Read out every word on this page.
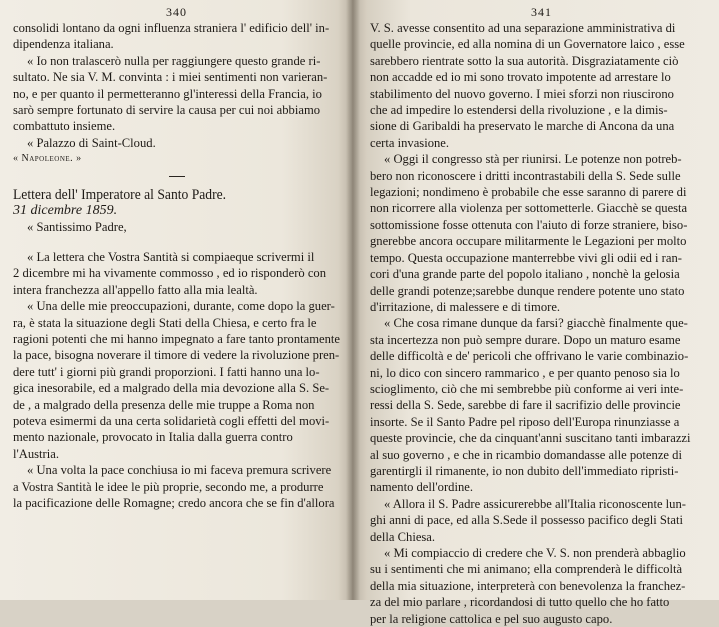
340

consolidi lontano da ogni influenza straniera l' edificio dell' in-

dipendenza italiana.

« Io non tralascerò nulla per raggiungere questo grande ri-

sultato. Ne sia V. M. convinta : i miei sentimenti non varieran-

no, e per quanto il permetteranno gl'interessi della Francia, io

sarò sempre fortunato di servire la causa per cui noi abbiamo

combattuto insieme.

« Palazzo di Saint-Cloud.

« Napoleone. »

Lettera dell' Imperatore al Santo Padre.

31 dicembre 1859.

« Santissimo Padre,

« La lettera che Vostra Santità si compiaeque scrivermi il

2 dicembre mi ha vivamente commosso , ed io risponderò con

intera franchezza all'appello fatto alla mia lealtà.

« Una delle mie preoccupazioni, durante, come dopo la guer-

ra, è stata la situazione degli Stati della Chiesa, e certo fra le

ragioni potenti che mi hanno impegnato a fare tanto prontamente

la pace, bisogna noverare il timore di vedere la rivoluzione pren-

dere tutt' i giorni più grandi proporzioni. I fatti hanno una lo-

gica inesorabile, ed a malgrado della mia devozione alla S. Se-

de , a malgrado della presenza delle mie truppe a Roma non

poteva esimermi da una certa solidarietà cogli effetti del movi-

mento nazionale, provocato in Italia dalla guerra contro

l'Austria.

« Una volta la pace conchiusa io mi faceva premura scrivere

a Vostra Santità le idee le più proprie, secondo me, a produrre

la pacificazione delle Romagne; credo ancora che se fin d'allora

341

V. S. avesse consentito ad una separazione amministrativa di

quelle provincie, ed alla nomina di un Governatore laico , esse

sarebbero rientrate sotto la sua autorità. Disgraziatamente ciò

non accadde ed io mi sono trovato impotente ad arrestare lo

stabilimento del nuovo governo. I miei sforzi non riuscirono

che ad impedire lo estendersi della rivoluzione , e la dimis-

sione di Garibaldi ha preservato le marche di Ancona da una

certa invasione.

« Oggi il congresso stà per riunirsi. Le potenze non potreb-

bero non riconoscere i dritti incontrastabili della S. Sede sulle

legazioni; nondimeno è probabile che esse saranno di parere di

non ricorrere alla violenza per sottometterle. Giacchè se questa

sottomissione fosse ottenuta con l'aiuto di forze straniere, biso-

gnerebbe ancora occupare militarmente le Legazioni per molto

tempo. Questa occupazione manterrebbe vivi gli odii ed i ran-

cori d'una grande parte del popolo italiano , nonchè la gelosia

delle grandi potenze;sarebbe dunque rendere potente uno stato

d'irritazione, di malessere e di timore.

« Che cosa rimane dunque da farsi? giacchè finalmente que-

sta incertezza non può sempre durare. Dopo un maturo esame

delle difficoltà e de' pericoli che offrivano le varie combinazio-

ni, lo dico con sincero rammarico , e per quanto penoso sia lo

scioglimento, ciò che mi sembrebbe più conforme ai veri inte-

ressi della S. Sede, sarebbe di fare il sacrifizio delle provincie

insorte. Se il Santo Padre pel riposo dell'Europa rinunziasse a

queste provincie, che da cinquant'anni suscitano tanti imbarazzi

al suo governo , e che in ricambio domandasse alle potenze di

garentirgli il rimanente, io non dubito dell'immediato ripristi-

namento dell'ordine.

« Allora il S. Padre assicurerebbe all'Italia riconoscente lun-

ghi anni di pace, ed alla S.Sede il possesso pacifico degli Stati

della Chiesa.

« Mi compiaccio di credere che V. S. non prenderà abbaglio

su i sentimenti che mi animano; ella comprenderà le difficoltà

della mia situazione, interpreterà con benevolenza la franchez-

za del mio parlare , ricordandosi di tutto quello che ho fatto

per la religione cattolica e pel suo augusto capo.
